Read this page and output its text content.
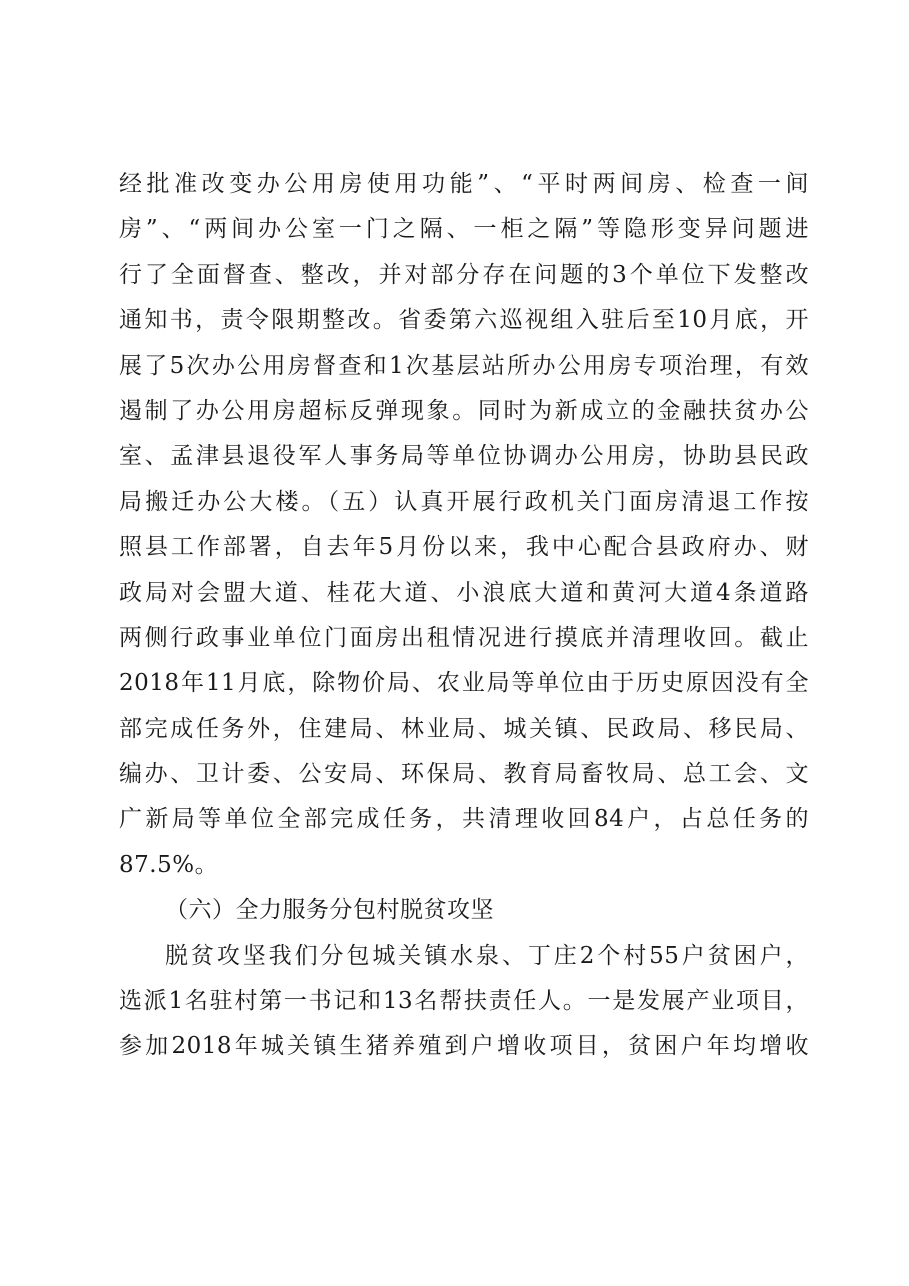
经批准改变办公用房使用功能”、“平时两间房、检查一间
房”、“两间办公室一门之隔、一柜之隔”等隐形变异问题进
行了全面督查、整改，并对部分存在问题的3个单位下发整改
通知书，责令限期整改。省委第六巡视组入驻后至10月底，开
展了5次办公用房督查和1次基层站所办公用房专项治理，有效
遏制了办公用房超标反弹现象。同时为新成立的金融扶贫办公
室、孟津县退役军人事务局等单位协调办公用房，协助县民政
局搬迁办公大楼。（五）认真开展行政机关门面房清退工作按
照县工作部署，自去年5月份以来，我中心配合县政府办、财
政局对会盟大道、桂花大道、小浪底大道和黄河大道4条道路
两侧行政事业单位门面房出租情况进行摸底并清理收回。截止
2018年11月底，除物价局、农业局等单位由于历史原因没有全
部完成任务外，住建局、林业局、城关镇、民政局、移民局、
编办、卫计委、公安局、环保局、教育局畜牧局、总工会、文
广新局等单位全部完成任务，共清理收回84户，占总任务的
87.5%。
（六）全力服务分包村脱贫攻坚
脱贫攻坚我们分包城关镇水泉、丁庄2个村55户贫困户，
选派1名驻村第一书记和13名帮扶责任人。一是发展产业项目，
参加2018年城关镇生猪养殖到户增收项目，贫困户年均增收
